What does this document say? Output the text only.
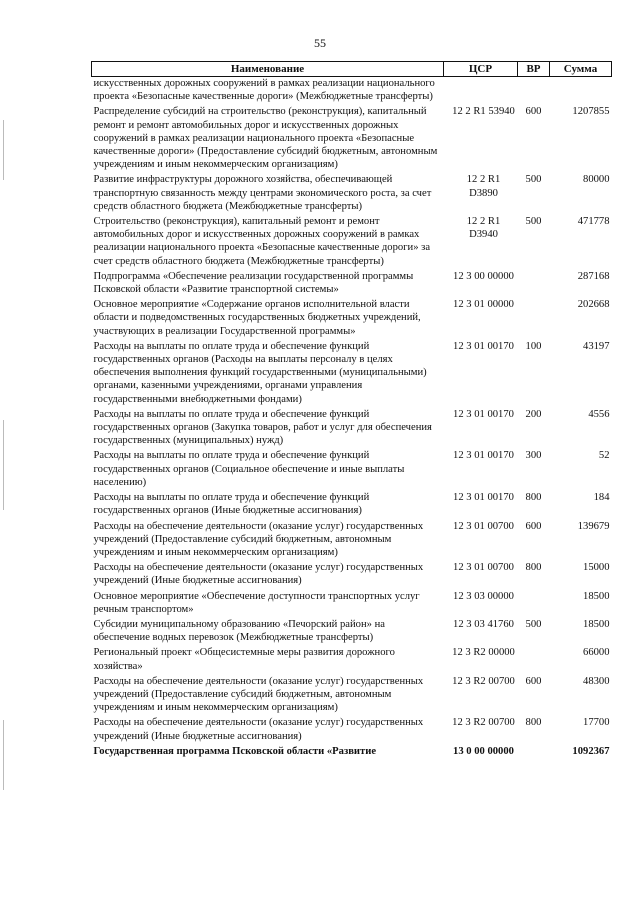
55
Наименование	ЦСР	ВР	Сумма
искусственных дорожных сооружений в рамках реализации национального проекта «Безопасные качественные дороги» (Межбюджетные трансферты)			

Распределение субсидий на строительство (реконструкция), капитальный ремонт и ремонт автомобильных дорог и искусственных дорожных сооружений в рамках реализации национального проекта «Безопасные качественные дороги» (Предоставление субсидий бюджетным, автономным учреждениям и иным некоммерческим организациям)	12 2 R1 53940	600	1207855

Развитие инфраструктуры дорожного хозяйства, обеспечивающей транспортную связанность между центрами экономического роста, за счет средств областного бюджета (Межбюджетные трансферты)	12 2 R1 D3890	500	80000

Строительство (реконструкция), капитальный ремонт и ремонт автомобильных дорог и искусственных дорожных сооружений в рамках реализации национального проекта «Безопасные качественные дороги» за счет средств областного бюджета (Межбюджетные трансферты)	12 2 R1 D3940	500	471778

Подпрограмма «Обеспечение реализации государственной программы Псковской области «Развитие транспортной системы»	12 3 00 00000		287168

Основное мероприятие «Содержание органов исполнительной власти области и подведомственных государственных бюджетных учреждений, участвующих в реализации Государственной программы»	12 3 01 00000		202668

Расходы на выплаты по оплате труда и обеспечение функций государственных органов (Расходы на выплаты персоналу в целях обеспечения выполнения функций государственными (муниципальными) органами, казенными учреждениями, органами управления государственными внебюджетными фондами)	12 3 01 00170	100	43197

Расходы на выплаты по оплате труда и обеспечение функций государственных органов (Закупка товаров, работ и услуг для обеспечения государственных (муниципальных) нужд)	12 3 01 00170	200	4556

Расходы на выплаты по оплате труда и обеспечение функций государственных органов (Социальное обеспечение и иные выплаты населению)	12 3 01 00170	300	52

Расходы на выплаты по оплате труда и обеспечение функций государственных органов (Иные бюджетные ассигнования)	12 3 01 00170	800	184

Расходы на обеспечение деятельности (оказание услуг) государственных учреждений (Предоставление субсидий бюджетным, автономным учреждениям и иным некоммерческим организациям)	12 3 01 00700	600	139679

Расходы на обеспечение деятельности (оказание услуг) государственных учреждений (Иные бюджетные ассигнования)	12 3 01 00700	800	15000

Основное мероприятие «Обеспечение доступности транспортных услуг речным транспортом»	12 3 03 00000		18500

Субсидии муниципальному образованию «Печорский район» на обеспечение водных перевозок (Межбюджетные трансферты)	12 3 03 41760	500	18500

Региональный проект «Общесистемные меры развития дорожного хозяйства»	12 3 R2 00000		66000

Расходы на обеспечение деятельности (оказание услуг) государственных учреждений (Предоставление субсидий бюджетным, автономным учреждениям и иным некоммерческим организациям)	12 3 R2 00700	600	48300

Расходы на обеспечение деятельности (оказание услуг) государственных учреждений (Иные бюджетные ассигнования)	12 3 R2 00700	800	17700

Государственная программа Псковской области «Развитие	13 0 00 00000		1092367
